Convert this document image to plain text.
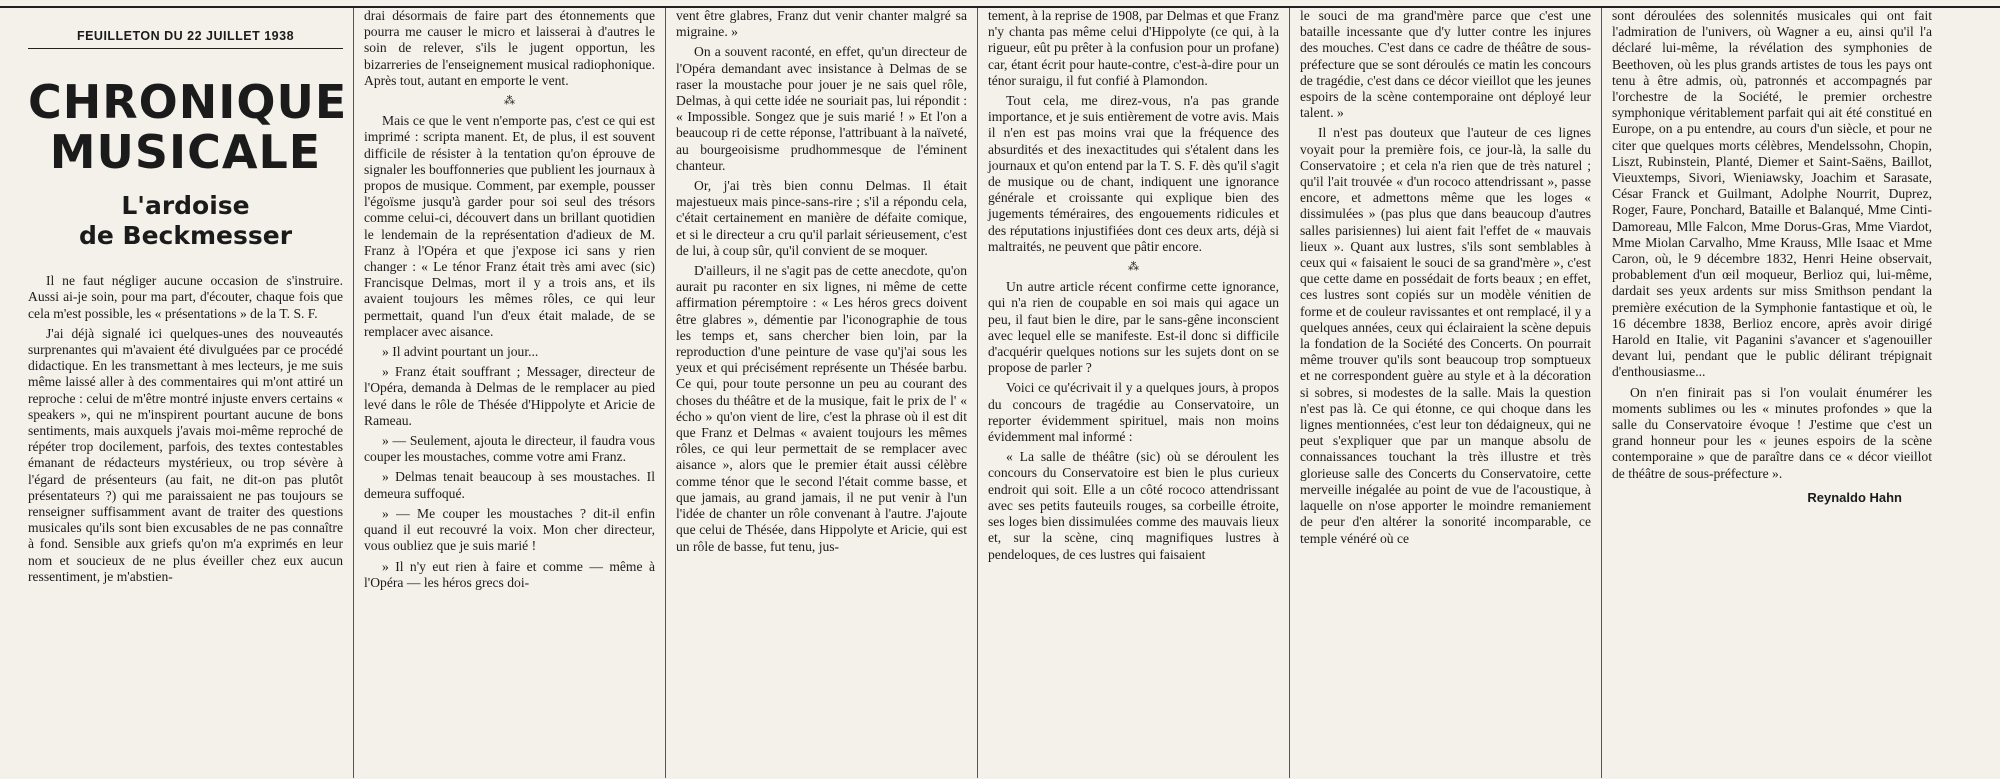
FEUILLETON DU 22 JUILLET 1938
CHRONIQUE
MUSICALE
L'ardoise
de Beckmesser

Il ne faut négliger aucune occasion de s'instruire. Aussi ai-je soin, pour ma part, d'écouter, chaque fois que cela m'est possible, les « présentations » de la T. S. F.

J'ai déjà signalé ici quelques-unes des nouveautés surprenantes qui m'avaient été divulguées par ce procédé didactique. En les transmettant à mes lecteurs, je me suis même laissé aller à des commentaires qui m'ont attiré un reproche : celui de m'être montré injuste envers certains « speakers », qui ne m'inspirent pourtant aucune de bons sentiments, mais auxquels j'avais moi-même reproché de répéter trop docilement, parfois, des textes contestables émanant de rédacteurs mystérieux, ou trop sévère à l'égard de présenteurs (au fait, ne dit-on pas plutôt présentateurs ?) qui me paraissaient ne pas toujours se renseigner suffisamment avant de traiter des questions musicales qu'ils sont bien excusables de ne pas connaître à fond. Sensible aux griefs qu'on m'a exprimés en leur nom et soucieux de ne plus éveiller chez eux aucun ressentiment, je m'abstien-

drai désormais de faire part des étonnements que pourra me causer le micro et laisserai à d'autres le soin de relever, s'ils le jugent opportun, les bizarreries de l'enseignement musical radiophonique. Après tout, autant en emporte le vent.

⁂

Mais ce que le vent n'emporte pas, c'est ce qui est imprimé : scripta manent. Et, de plus, il est souvent difficile de résister à la tentation qu'on éprouve de signaler les bouffonneries que publient les journaux à propos de musique. Comment, par exemple, pousser l'égoïsme jusqu'à garder pour soi seul des trésors comme celui-ci, découvert dans un brillant quotidien le lendemain de la représentation d'adieux de M. Franz à l'Opéra et que j'expose ici sans y rien changer : « Le ténor Franz était très ami avec (sic) Francisque Delmas, mort il y a trois ans, et ils avaient toujours les mêmes rôles, ce qui leur permettait, quand l'un d'eux était malade, de se remplacer avec aisance.

» Il advint pourtant un jour...

» Franz était souffrant ; Messager, directeur de l'Opéra, demanda à Delmas de le remplacer au pied levé dans le rôle de Thésée d'Hippolyte et Aricie de Rameau.

» — Seulement, ajouta le directeur, il faudra vous couper les moustaches, comme votre ami Franz.

» Delmas tenait beaucoup à ses moustaches. Il demeura suffoqué.

» — Me couper les moustaches ? dit-il enfin quand il eut recouvré la voix. Mon cher directeur, vous oubliez que je suis marié !

» Il n'y eut rien à faire et comme — même à l'Opéra — les héros grecs doi-

vent être glabres, Franz dut venir chanter malgré sa migraine. »

On a souvent raconté, en effet, qu'un directeur de l'Opéra demandant avec insistance à Delmas de se raser la moustache pour jouer je ne sais quel rôle, Delmas, à qui cette idée ne souriait pas, lui répondit : « Impossible. Songez que je suis marié ! » Et l'on a beaucoup ri de cette réponse, l'attribuant à la naïveté, au bourgeoisisme prudhommesque de l'éminent chanteur.

Or, j'ai très bien connu Delmas. Il était majestueux mais pince-sans-rire ; s'il a répondu cela, c'était certainement en manière de défaite comique, et si le directeur a cru qu'il parlait sérieusement, c'est de lui, à coup sûr, qu'il convient de se moquer.

D'ailleurs, il ne s'agit pas de cette anecdote, qu'on aurait pu raconter en six lignes, ni même de cette affirmation péremptoire : « Les héros grecs doivent être glabres », démentie par l'iconographie de tous les temps et, sans chercher bien loin, par la reproduction d'une peinture de vase qu'j'ai sous les yeux et qui précisément représente un Thésée barbu. Ce qui, pour toute personne un peu au courant des choses du théâtre et de la musique, fait le prix de l' « écho » qu'on vient de lire, c'est la phrase où il est dit que Franz et Delmas « avaient toujours les mêmes rôles, ce qui leur permettait de se remplacer avec aisance », alors que le premier était aussi célèbre comme ténor que le second l'était comme basse, et que jamais, au grand jamais, il ne put venir à l'un l'idée de chanter un rôle convenant à l'autre. J'ajoute que celui de Thésée, dans Hippolyte et Aricie, qui est un rôle de basse, fut tenu, jus-

tement, à la reprise de 1908, par Delmas et que Franz n'y chanta pas même celui d'Hippolyte (ce qui, à la rigueur, eût pu prêter à la confusion pour un profane) car, étant écrit pour haute-contre, c'est-à-dire pour un ténor suraigu, il fut confié à Plamondon.

Tout cela, me direz-vous, n'a pas grande importance, et je suis entièrement de votre avis. Mais il n'en est pas moins vrai que la fréquence des absurdités et des inexactitudes qui s'étalent dans les journaux et qu'on entend par la T. S. F. dès qu'il s'agit de musique ou de chant, indiquent une ignorance générale et croissante qui explique bien des jugements téméraires, des engouements ridicules et des réputations injustifiées dont ces deux arts, déjà si maltraités, ne peuvent que pâtir encore.

⁂

Un autre article récent confirme cette ignorance, qui n'a rien de coupable en soi mais qui agace un peu, il faut bien le dire, par le sans-gêne inconscient avec lequel elle se manifeste. Est-il donc si difficile d'acquérir quelques notions sur les sujets dont on se propose de parler ?

Voici ce qu'écrivait il y a quelques jours, à propos du concours de tragédie au Conservatoire, un reporter évidemment spirituel, mais non moins évidemment mal informé :

« La salle de théâtre (sic) où se déroulent les concours du Conservatoire est bien le plus curieux endroit qui soit. Elle a un côté rococo attendrissant avec ses petits fauteuils rouges, sa corbeille étroite, ses loges bien dissimulées comme des mauvais lieux et, sur la scène, cinq magnifiques lustres à pendeloques, de ces lustres qui faisaient

le souci de ma grand'mère parce que c'est une bataille incessante que d'y lutter contre les injures des mouches. C'est dans ce cadre de théâtre de sous-préfecture que se sont déroulés ce matin les concours de tragédie, c'est dans ce décor vieillot que les jeunes espoirs de la scène contemporaine ont déployé leur talent. »

Il n'est pas douteux que l'auteur de ces lignes voyait pour la première fois, ce jour-là, la salle du Conservatoire ; et cela n'a rien que de très naturel ; qu'il l'ait trouvée « d'un rococo attendrissant », passe encore, et admettons même que les loges « dissimulées » (pas plus que dans beaucoup d'autres salles parisiennes) lui aient fait l'effet de « mauvais lieux ». Quant aux lustres, s'ils sont semblables à ceux qui « faisaient le souci de sa grand'mère », c'est que cette dame en possédait de forts beaux ; en effet, ces lustres sont copiés sur un modèle vénitien de forme et de couleur ravissantes et ont remplacé, il y a quelques années, ceux qui éclairaient la scène depuis la fondation de la Société des Concerts. On pourrait même trouver qu'ils sont beaucoup trop somptueux et ne correspondent guère au style et à la décoration si sobres, si modestes de la salle. Mais la question n'est pas là. Ce qui étonne, ce qui choque dans les lignes mentionnées, c'est leur ton dédaigneux, qui ne peut s'expliquer que par un manque absolu de connaissances touchant la très illustre et très glorieuse salle des Concerts du Conservatoire, cette merveille inégalée au point de vue de l'acoustique, à laquelle on n'ose apporter le moindre remaniement de peur d'en altérer la sonorité incomparable, ce temple vénéré où ce

sont déroulées des solennités musicales qui ont fait l'admiration de l'univers, où Wagner a eu, ainsi qu'il l'a déclaré lui-même, la révélation des symphonies de Beethoven, où les plus grands artistes de tous les pays ont tenu à être admis, où, patronnés et accompagnés par l'orchestre de la Société, le premier orchestre symphonique véritablement parfait qui ait été constitué en Europe, on a pu entendre, au cours d'un siècle, et pour ne citer que quelques morts célèbres, Mendelssohn, Chopin, Liszt, Rubinstein, Planté, Diemer et Saint-Saëns, Baillot, Vieuxtemps, Sivori, Wieniawsky, Joachim et Sarasate, César Franck et Guilmant, Adolphe Nourrit, Duprez, Roger, Faure, Ponchard, Bataille et Balanqué, Mme Cinti-Damoreau, Mlle Falcon, Mme Dorus-Gras, Mme Viardot, Mme Miolan Carvalho, Mme Krauss, Mlle Isaac et Mme Caron, où, le 9 décembre 1832, Henri Heine observait, probablement d'un œil moqueur, Berlioz qui, lui-même, dardait ses yeux ardents sur miss Smithson pendant la première exécution de la Symphonie fantastique et où, le 16 décembre 1838, Berlioz encore, après avoir dirigé Harold en Italie, vit Paganini s'avancer et s'agenouiller devant lui, pendant que le public délirant trépignait d'enthousiasme...

On n'en finirait pas si l'on voulait énumérer les moments sublimes ou les « minutes profondes » que la salle du Conservatoire évoque ! J'estime que c'est un grand honneur pour les « jeunes espoirs de la scène contemporaine » que de paraître dans ce « décor vieillot de théâtre de sous-préfecture ».

Reynaldo Hahn
